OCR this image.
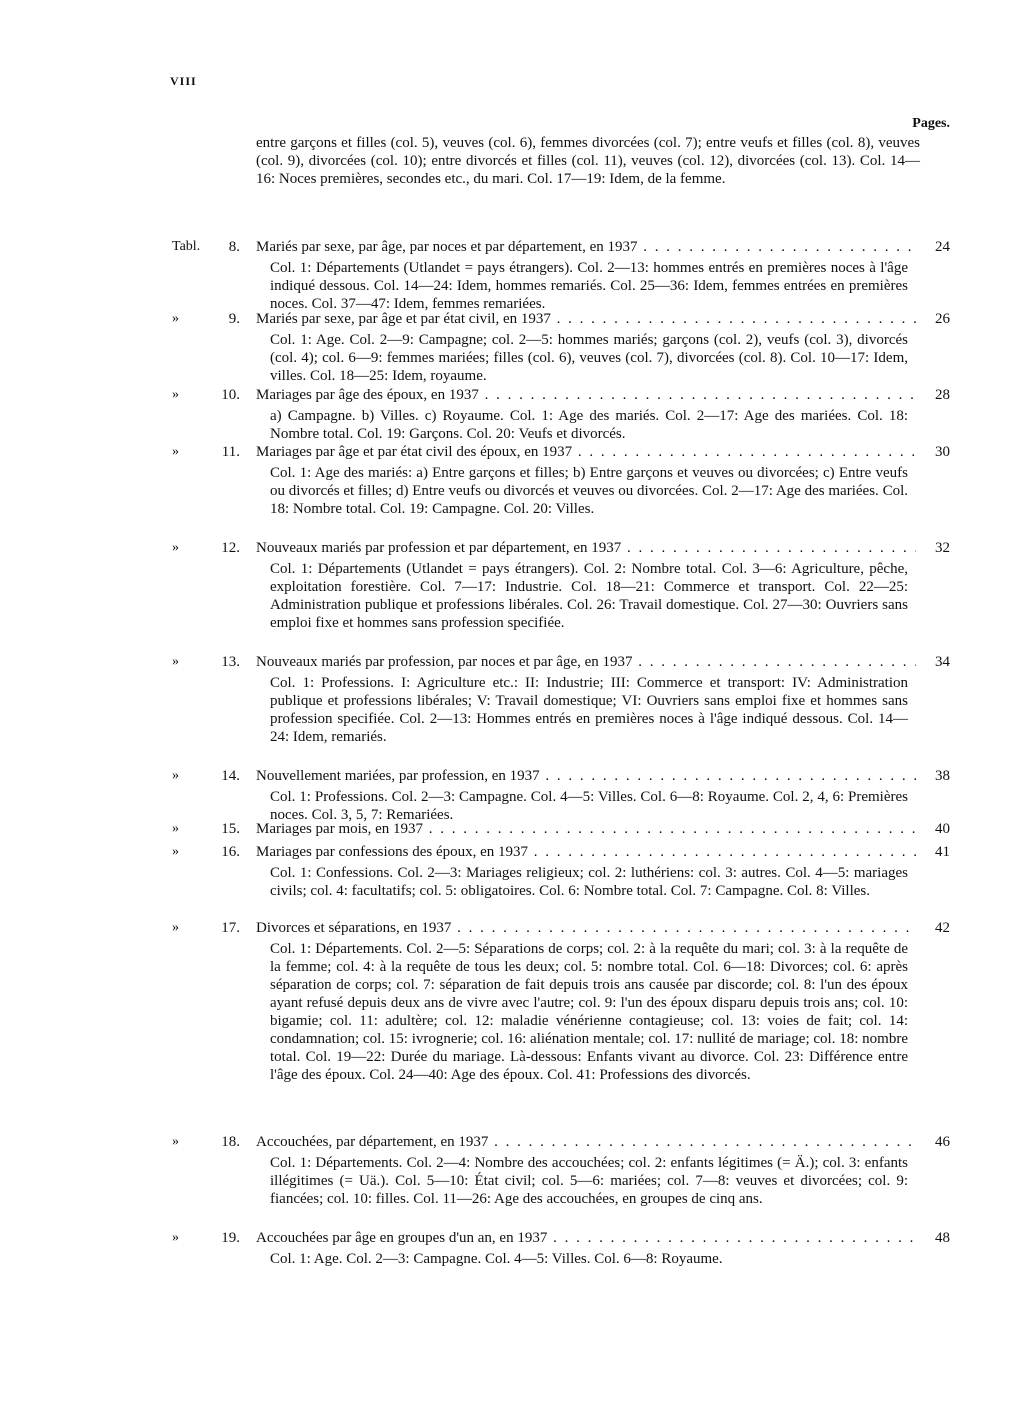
VIII
Pages.
entre garçons et filles (col. 5), veuves (col. 6), femmes divorcées (col. 7); entre veufs et filles (col. 8), veuves (col. 9), divorcées (col. 10); entre divorcés et filles (col. 11), veuves (col. 12), divorcées (col. 13). Col. 14—16: Noces premières, secondes etc., du mari. Col. 17—19: Idem, de la femme.
Tabl.	8. Mariés par sexe, par âge, par noces et par département, en 1937 . . .	24
Col. 1: Départements (Utlandet = pays étrangers). Col. 2—13: hommes entrés en premières noces à l'âge indiqué dessous. Col. 14—24: Idem, hommes remariés. Col. 25—36: Idem, femmes entrées en premières noces. Col. 37—47: Idem, femmes remariées.
»	9. Mariés par sexe, par âge et par état civil, en 1937 . . .	26
Col. 1: Age. Col. 2—9: Campagne; col. 2—5: hommes mariés; garçons (col. 2), veufs (col. 3), divorcés (col. 4); col. 6—9: femmes mariées; filles (col. 6), veuves (col. 7), divorcées (col. 8). Col. 10—17: Idem, villes. Col. 18—25: Idem, royaume.
»	10. Mariages par âge des époux, en 1937 . . .	28
a) Campagne. b) Villes. c) Royaume. Col. 1: Age des mariés. Col. 2—17: Age des mariées. Col. 18: Nombre total. Col. 19: Garçons. Col. 20: Veufs et divorcés.
»	11. Mariages par âge et par état civil des époux, en 1937 . . .	30
Col. 1: Age des mariés: a) Entre garçons et filles; b) Entre garçons et veuves ou divorcées; c) Entre veufs ou divorcés et filles; d) Entre veufs ou divorcés et veuves ou divorcées. Col. 2—17: Age des mariées. Col. 18: Nombre total. Col. 19: Campagne. Col. 20: Villes.
»	12. Nouveaux mariés par profession et par département, en 1937 . . .	32
Col. 1: Départements (Utlandet = pays étrangers). Col. 2: Nombre total. Col. 3—6: Agriculture, pêche, exploitation forestière. Col. 7—17: Industrie. Col. 18—21: Commerce et transport. Col. 22—25: Administration publique et professions libérales. Col. 26: Travail domestique. Col. 27—30: Ouvriers sans emploi fixe et hommes sans profession specifiée.
»	13. Nouveaux mariés par profession, par noces et par âge, en 1937 . . .	34
Col. 1: Professions. I: Agriculture etc.: II: Industrie; III: Commerce et transport: IV: Administration publique et professions libérales; V: Travail domestique; VI: Ouvriers sans emploi fixe et hommes sans profession specifiée. Col. 2—13: Hommes entrés en premières noces à l'âge indiqué dessous. Col. 14—24: Idem, remariés.
»	14. Nouvellement mariées, par profession, en 1937 . . .	38
Col. 1: Professions. Col. 2—3: Campagne. Col. 4—5: Villes. Col. 6—8: Royaume. Col. 2, 4, 6: Premières noces. Col. 3, 5, 7: Remariées.
»	15. Mariages par mois, en 1937 . . .	40
»	16. Mariages par confessions des époux, en 1937 . . .	41
Col. 1: Confessions. Col. 2—3: Mariages religieux; col. 2: luthériens: col. 3: autres. Col. 4—5: mariages civils; col. 4: facultatifs; col. 5: obligatoires. Col. 6: Nombre total. Col. 7: Campagne. Col. 8: Villes.
»	17. Divorces et séparations, en 1937 . . .	42
Col. 1: Départements. Col. 2—5: Séparations de corps; col. 2: à la requête du mari; col. 3: à la requête de la femme; col. 4: à la requête de tous les deux; col. 5: nombre total. Col. 6—18: Divorces; col. 6: après séparation de corps; col. 7: séparation de fait depuis trois ans causée par discorde; col. 8: l'un des époux ayant refusé depuis deux ans de vivre avec l'autre; col. 9: l'un des époux disparu depuis trois ans; col. 10: bigamie; col. 11: adultère; col. 12: maladie vénérienne contagieuse; col. 13: voies de fait; col. 14: condamnation; col. 15: ivrognerie; col. 16: aliénation mentale; col. 17: nullité de mariage; col. 18: nombre total. Col. 19—22: Durée du mariage. Là-dessous: Enfants vivant au divorce. Col. 23: Différence entre l'âge des époux. Col. 24—40: Age des époux. Col. 41: Professions des divorcés.
»	18. Accouchées, par département, en 1937 . . .	46
Col. 1: Départements. Col. 2—4: Nombre des accouchées; col. 2: enfants légitimes (= Ä.); col. 3: enfants illégitimes (= Uä.). Col. 5—10: État civil; col. 5—6: mariées; col. 7—8: veuves et divorcées; col. 9: fiancées; col. 10: filles. Col. 11—26: Age des accouchées, en groupes de cinq ans.
»	19. Accouchées par âge en groupes d'un an, en 1937 . . .	48
Col. 1: Age. Col. 2—3: Campagne. Col. 4—5: Villes. Col. 6—8: Royaume.
